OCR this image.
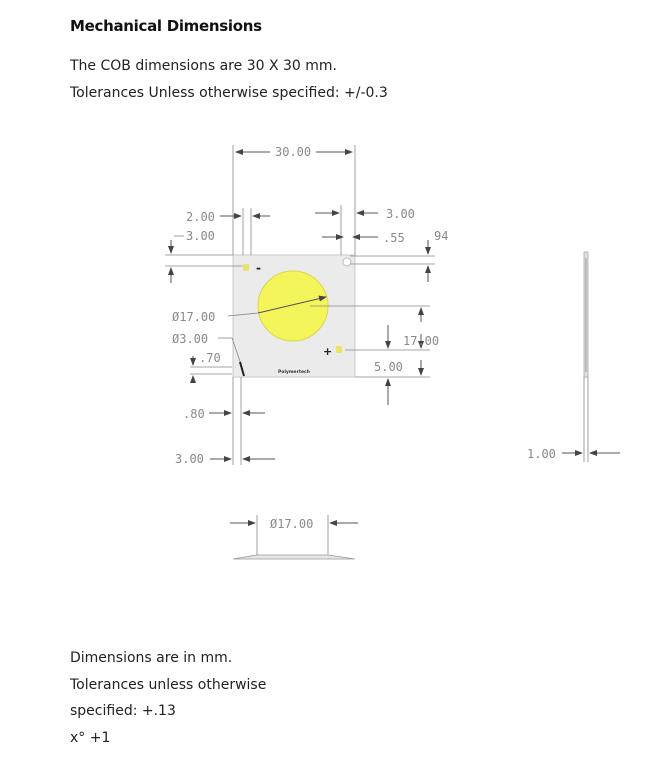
Mechanical Dimensions

The COB dimensions are 30 X 30 mm.

Tolerances Unless otherwise specified: +/-0.3

-
+
Polymertech
30.00
2.00
3.00
3.00
.55 94
Ø17.00
Ø3.00
.70
17.00
5.00
.80
3.00	1.00
Ø17.00

Dimensions are in mm.

Tolerances unless otherwise

specified: +.13

x° +1
